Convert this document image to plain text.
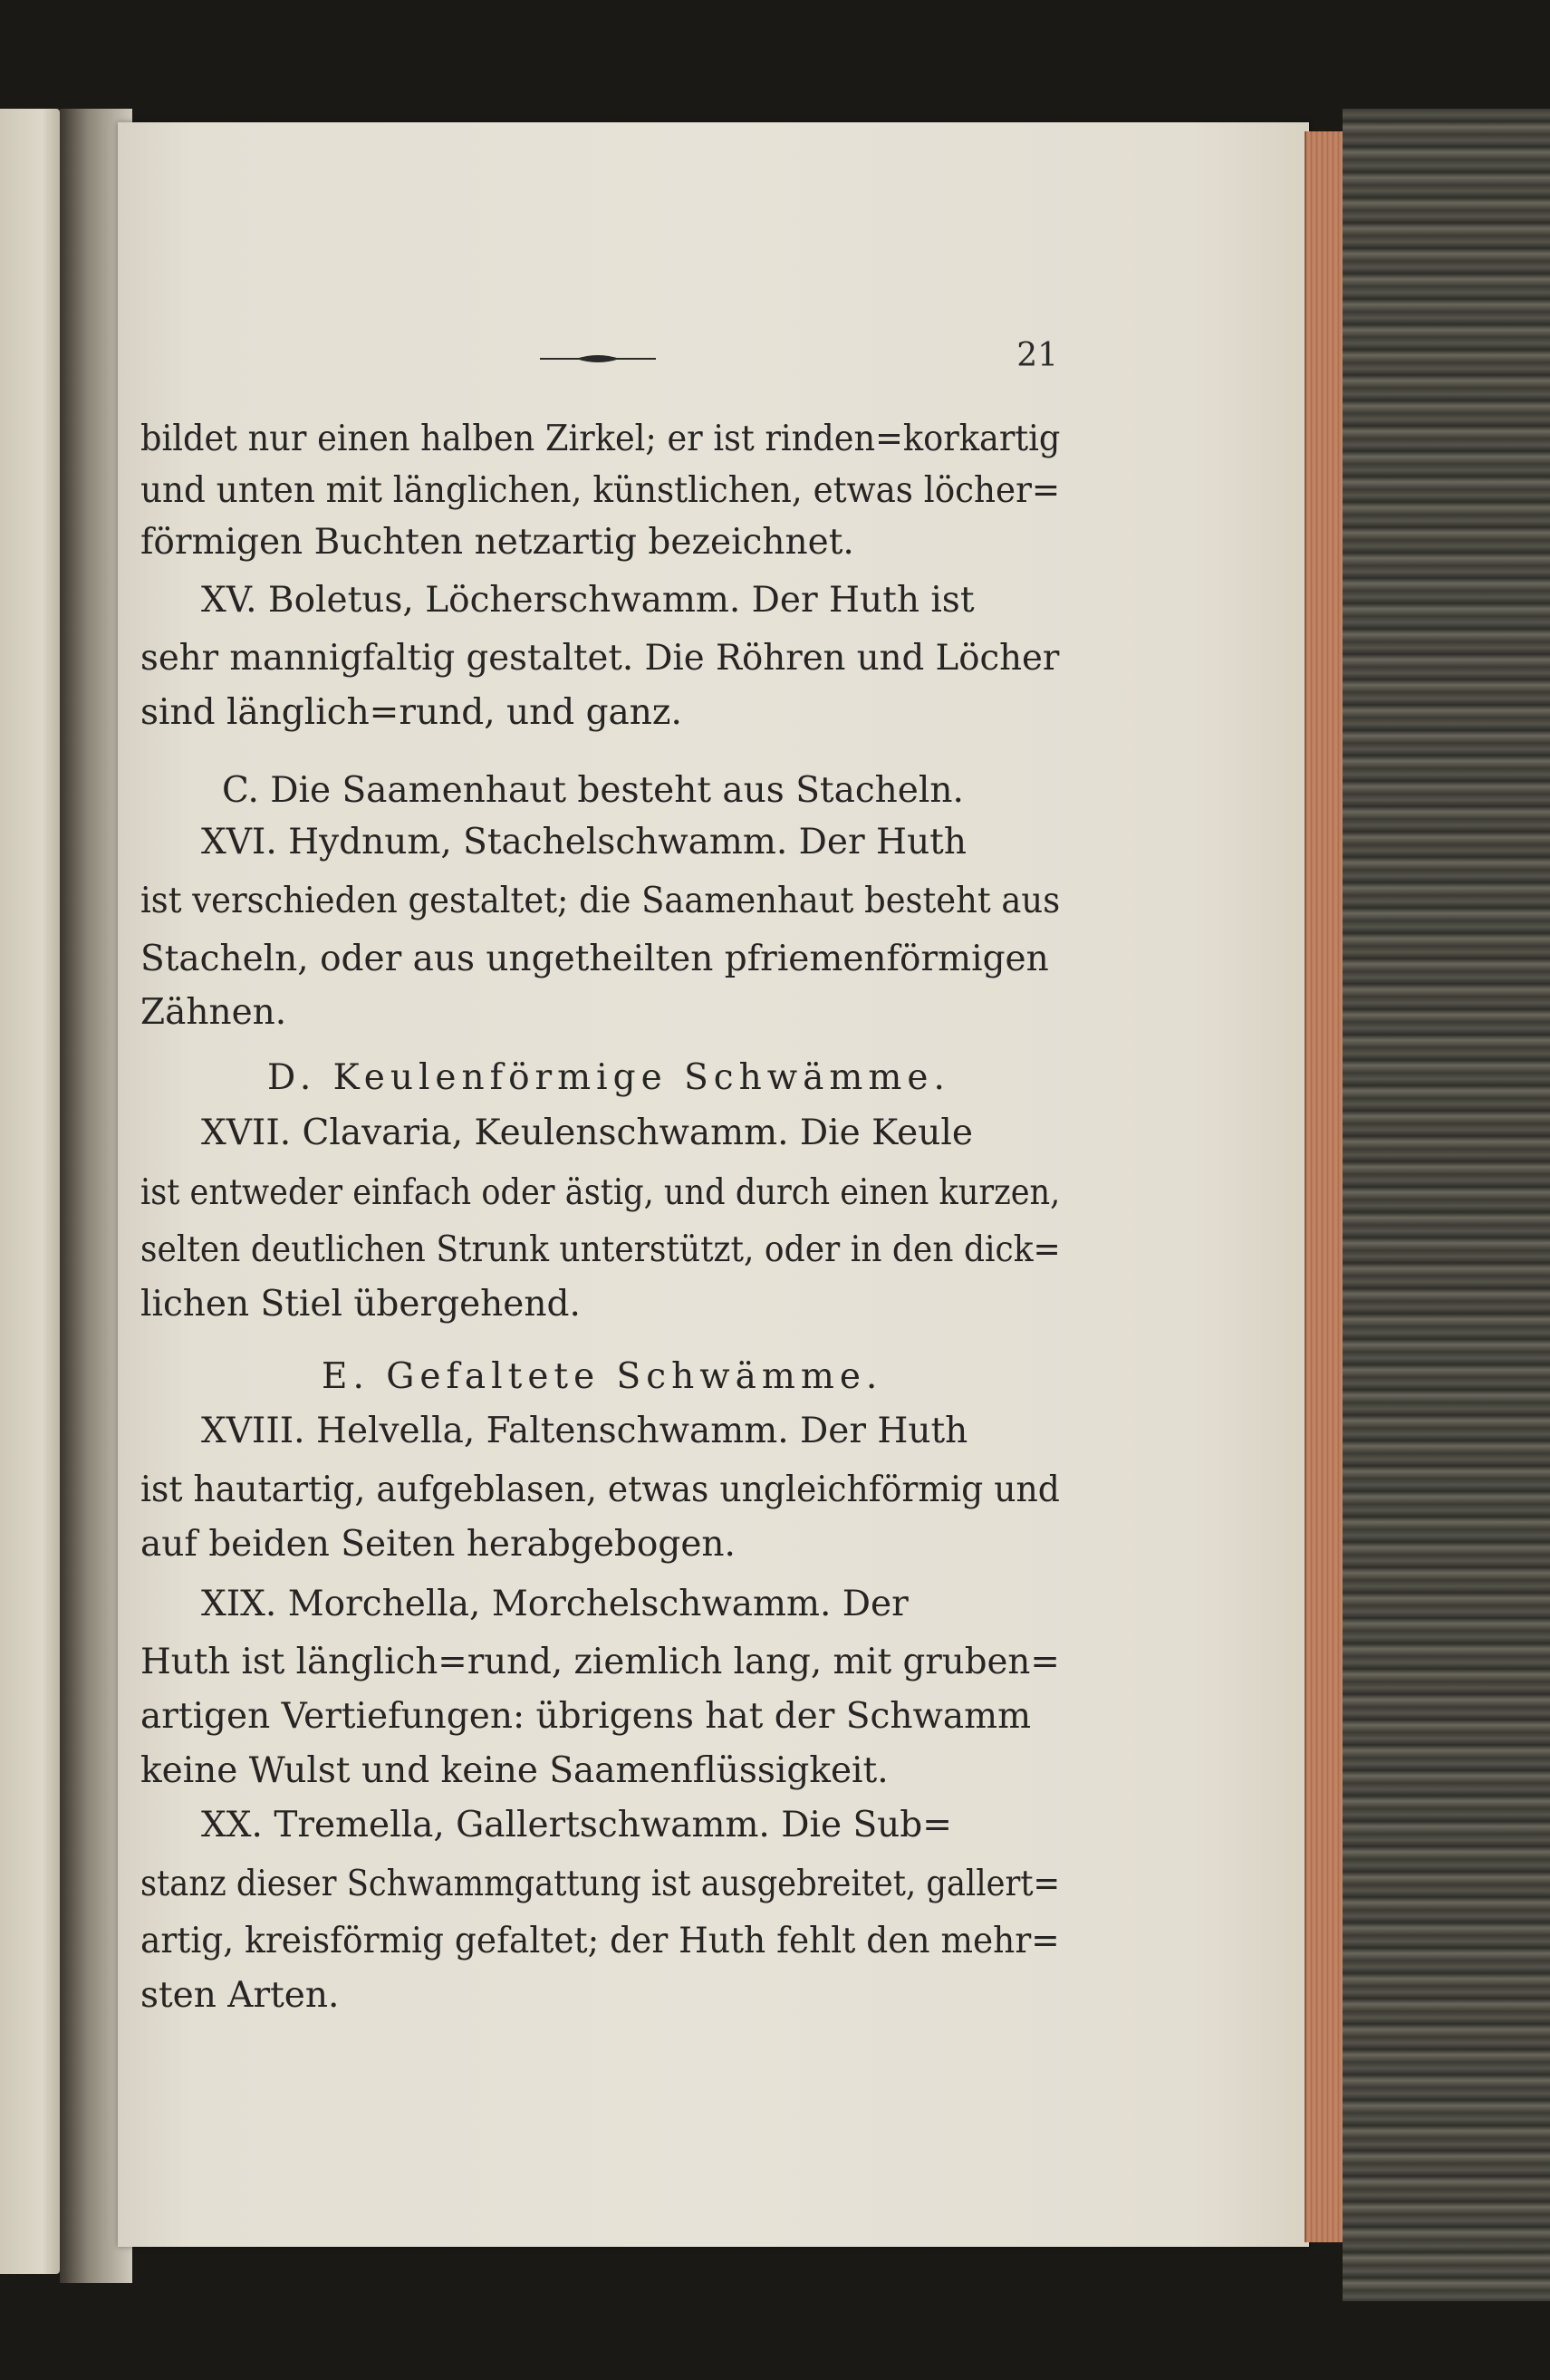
21
bildet nur einen halben Zirkel; er ist rinden=korkartig
und unten mit länglichen, künstlichen, etwas löcher=
förmigen Buchten netzartig bezeichnet.
XV. Boletus, Löcherschwamm. Der Huth ist
sehr mannigfaltig gestaltet. Die Röhren und Löcher
sind länglich=rund, und ganz.
C. Die Saamenhaut besteht aus Stacheln.
XVI. Hydnum, Stachelschwamm. Der Huth
ist verschieden gestaltet; die Saamenhaut besteht aus
Stacheln, oder aus ungetheilten pfriemenförmigen
Zähnen.
D. Keulenförmige Schwämme.
XVII. Clavaria, Keulenschwamm. Die Keule
ist entweder einfach oder ästig, und durch einen kurzen,
selten deutlichen Strunk unterstützt, oder in den dick=
lichen Stiel übergehend.
E. Gefaltete Schwämme.
XVIII. Helvella, Faltenschwamm. Der Huth
ist hautartig, aufgeblasen, etwas ungleichförmig und
auf beiden Seiten herabgebogen.
XIX. Morchella, Morchelschwamm. Der
Huth ist länglich=rund, ziemlich lang, mit gruben=
artigen Vertiefungen: übrigens hat der Schwamm
keine Wulst und keine Saamenflüssigkeit.
XX. Tremella, Gallertschwamm. Die Sub=
stanz dieser Schwammgattung ist ausgebreitet, gallert=
artig, kreisförmig gefaltet; der Huth fehlt den mehr=
sten Arten.
